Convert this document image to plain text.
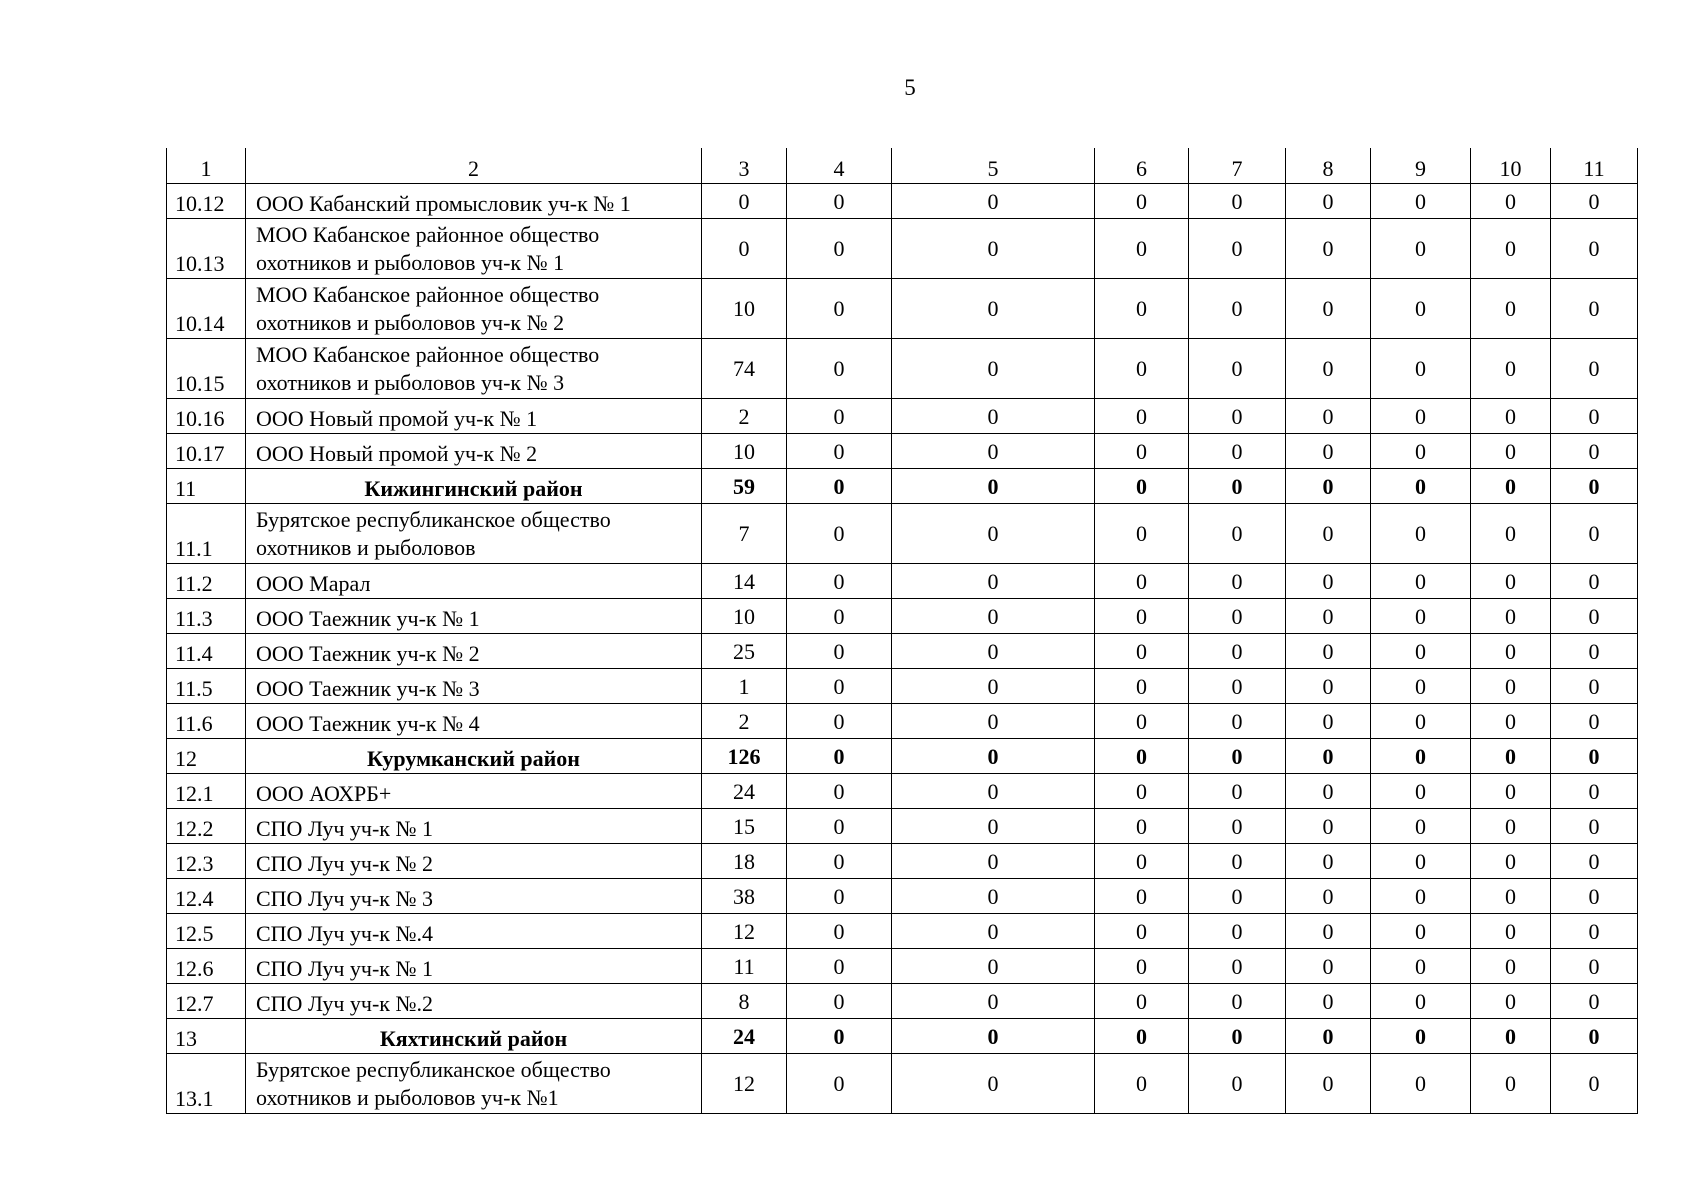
5
1	2	3	4	5	6	7	8	9	10	11
10.12	ООО Кабанский промысловик уч-к № 1	0	0	0	0	0	0	0	0	0
10.13	МОО Кабанское районное общество
охотников и рыболовов уч-к № 1	0	0	0	0	0	0	0	0	0
10.14	МОО Кабанское районное общество
охотников и рыболовов уч-к № 2	10	0	0	0	0	0	0	0	0
10.15	МОО Кабанское районное общество
охотников и рыболовов уч-к № 3	74	0	0	0	0	0	0	0	0
10.16	ООО Новый промой уч-к № 1	2	0	0	0	0	0	0	0	0
10.17	ООО Новый промой уч-к № 2	10	0	0	0	0	0	0	0	0
11	Кижингинский район	59	0	0	0	0	0	0	0	0
11.1	Бурятское республиканское общество
охотников и рыболовов	7	0	0	0	0	0	0	0	0
11.2	ООО Марал	14	0	0	0	0	0	0	0	0
11.3	ООО Таежник уч-к № 1	10	0	0	0	0	0	0	0	0
11.4	ООО Таежник уч-к № 2	25	0	0	0	0	0	0	0	0
11.5	ООО Таежник уч-к № 3	1	0	0	0	0	0	0	0	0
11.6	ООО Таежник уч-к № 4	2	0	0	0	0	0	0	0	0
12	Курумканский район	126	0	0	0	0	0	0	0	0
12.1	ООО АОХРБ+	24	0	0	0	0	0	0	0	0
12.2	СПО Луч уч-к № 1	15	0	0	0	0	0	0	0	0
12.3	СПО Луч уч-к № 2	18	0	0	0	0	0	0	0	0
12.4	СПО Луч уч-к № 3	38	0	0	0	0	0	0	0	0
12.5	СПО Луч уч-к №.4	12	0	0	0	0	0	0	0	0
12.6	СПО Луч уч-к № 1	11	0	0	0	0	0	0	0	0
12.7	СПО Луч уч-к №.2	8	0	0	0	0	0	0	0	0
13	Кяхтинский район	24	0	0	0	0	0	0	0	0
13.1	Бурятское республиканское общество
охотников и рыболовов уч-к №1	12	0	0	0	0	0	0	0	0
